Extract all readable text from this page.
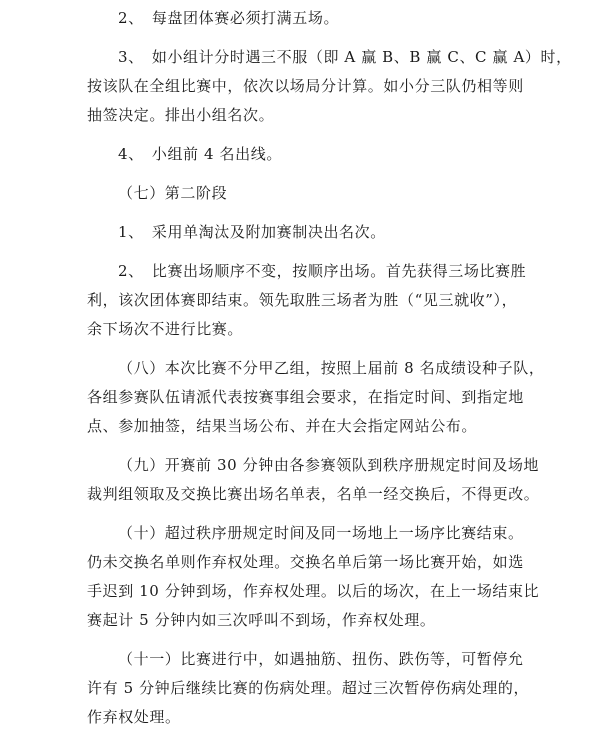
2、　每盘团体赛必须打满五场。

3、　如小组计分时遇三不服（即 A 赢 B、B 赢 C、C 赢 A）时，
按该队在全组比赛中，依次以场局分计算。如小分三队仍相等则
抽签决定。排出小组名次。

4、　小组前 4 名出线。

（七）第二阶段

1、　采用单淘汰及附加赛制决出名次。

2、　比赛出场顺序不变，按顺序出场。首先获得三场比赛胜
利，该次团体赛即结束。领先取胜三场者为胜（“见三就收”），
余下场次不进行比赛。

（八）本次比赛不分甲乙组，按照上届前 8 名成绩设种子队，
各组参赛队伍请派代表按赛事组会要求，在指定时间、到指定地
点、参加抽签，结果当场公布、并在大会指定网站公布。

（九）开赛前 30 分钟由各参赛领队到秩序册规定时间及场地
裁判组领取及交换比赛出场名单表，名单一经交换后，不得更改。

（十）超过秩序册规定时间及同一场地上一场序比赛结束。
仍未交换名单则作弃权处理。交换名单后第一场比赛开始，如选
手迟到 10 分钟到场，作弃权处理。以后的场次，在上一场结束比
赛起计 5 分钟内如三次呼叫不到场，作弃权处理。

（十一）比赛进行中，如遇抽筋、扭伤、跌伤等，可暂停允
许有 5 分钟后继续比赛的伤病处理。超过三次暂停伤病处理的，
作弃权处理。
